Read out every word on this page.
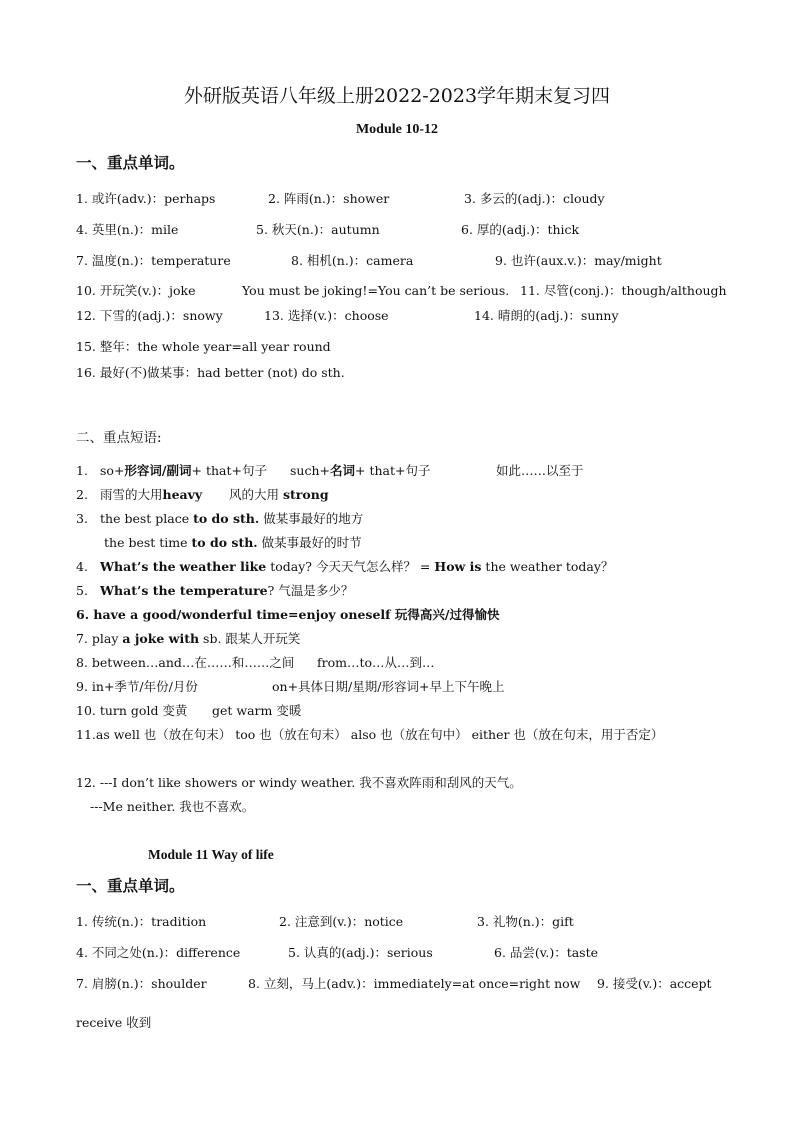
外研版英语八年级上册2022-2023学年期末复习四
Module 10-12
一、重点单词。
1. 或许(adv.)：perhaps	2. 阵雨(n.)：shower	3. 多云的(adj.)：cloudy
4. 英里(n.)：mile	5. 秋天(n.)：autumn	6. 厚的(adj.)：thick
7. 温度(n.)：temperature	8. 相机(n.)：camera	9. 也许(aux.v.)：may/might
10. 开玩笑(v.)：joke	You must be joking!=You can’t be serious. 11. 尽管(conj.)：though/although
12. 下雪的(adj.)：snowy	13. 选择(v.)：choose	14. 晴朗的(adj.)：sunny
15. 整年：the whole year=all year round
16. 最好(不)做某事：had better (not) do sth.
二、重点短语:
1. so+形容词/副词+ that+句子 such+名词+ that+句子	如此……以至于
2. 雨雪的大用heavy 风的大用 strong
3. the best place to do sth. 做某事最好的地方
the best time to do sth. 做某事最好的时节
4. What’s the weather like today? 今天天气怎么样？ = How is the weather today？
5. What’s the temperature? 气温是多少？
6. have a good/wonderful time=enjoy oneself 玩得高兴/过得愉快
7. play a joke with sb. 跟某人开玩笑
8. between…and…在……和……之间 from…to…从…到…
9. in+季节/年份/月份	on+具体日期/星期/形容词+早上下午晚上
10. turn gold 变黄 get warm 变暖
11.as well 也（放在句末） too 也（放在句末） also 也（放在句中） either 也（放在句末，用于否定）
12. ---I don’t like showers or windy weather. 我不喜欢阵雨和刮风的天气。
---Me neither. 我也不喜欢。
Module 11 Way of life
一、重点单词。
1. 传统(n.)：tradition	2. 注意到(v.)：notice	3. 礼物(n.)：gift
4. 不同之处(n.)：difference	5. 认真的(adj.)：serious	6. 品尝(v.)：taste
7. 肩膀(n.)：shoulder	8. 立刻，马上(adv.)：immediately=at once=right now 9. 接受(v.)：accept
receive 收到
